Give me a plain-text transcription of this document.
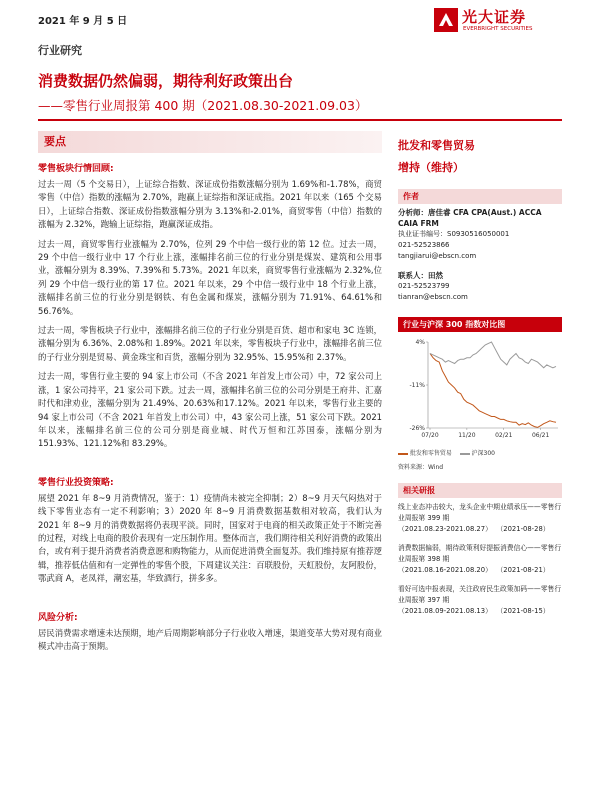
2021 年 9 月 5 日	光大证券
EVERBRIGHT SECURITIES
行业研究
消费数据仍然偏弱，期待利好政策出台
——零售行业周报第 400 期（2021.08.30-2021.09.03）
要点
零售板块行情回顾:

过去一周（5 个交易日），上证综合指数、深证成份指数涨幅分别为 1.69%和-1.78%，商贸零售（中信）指数的涨幅为 2.70%，跑赢上证综指和深证成指。2021 年以来（165 个交易日），上证综合指数、深证成份指数涨幅分别为 3.13%和-2.01%，商贸零售（中信）指数的涨幅为 2.32%，跑输上证综指，跑赢深证成指。

过去一周，商贸零售行业涨幅为 2.70%，位列 29 个中信一级行业的第 12 位。过去一周，29 个中信一级行业中 17 个行业上涨，涨幅排名前三位的行业分别是煤炭、建筑和公用事业，涨幅分别为 8.39%、7.39%和 5.73%。2021 年以来，商贸零售行业涨幅为 2.32%,位列 29 个中信一级行业的第 17 位。2021 年以来，29 个中信一级行业中 18 个行业上涨，涨幅排名前三位的行业分别是钢铁、有色金属和煤炭，涨幅分别为 71.91%、64.61%和 56.76%。

过去一周，零售板块子行业中，涨幅排名前三位的子行业分别是百货、超市和家电 3C 连锁，涨幅分别为 6.36%、2.08%和 1.89%。2021 年以来，零售板块子行业中，涨幅排名前三位的子行业分别是贸易、黄金珠宝和百货，涨幅分别为 32.95%、15.95%和 2.37%。

过去一周，零售行业主要的 94 家上市公司（不含 2021 年首发上市公司）中，72 家公司上涨，1 家公司持平，21 家公司下跌。过去一周，涨幅排名前三位的公司分别是王府井、汇嘉时代和津劝业，涨幅分别为 21.49%、20.63%和17.12%。2021 年以来，零售行业主要的 94 家上市公司（不含 2021 年首发上市公司）中，43 家公司上涨，51 家公司下跌。2021 年以来，涨幅排名前三位的公司分别是商业城、时代万恒和江苏国泰，涨幅分别为 151.93%、121.12%和 83.29%。

零售行业投资策略:

展望 2021 年 8~9 月消费情况，鉴于：1）疫情尚未被完全抑制；2）8~9 月天气闷热对于线下零售业态有一定不利影响；3）2020 年 8~9 月消费数据基数相对较高，我们认为 2021 年 8~9 月的消费数据将仍表现平淡。同时，国家对于电商的相关政策正处于不断完善的过程，对线上电商的股价表现有一定压制作用。整体而言，我们期待相关利好消费的政策出台，或有利于提升消费者消费意愿和购物能力，从而促进消费全面复苏。我们维持原有推荐逻辑，推荐低估值和有一定弹性的零售个股，下周建议关注：百联股份，天虹股份，友阿股份，鄂武商 A，老凤祥，潮宏基，华致酒行，拼多多。

风险分析:

居民消费需求增速未达预期，地产后周期影响部分子行业收入增速，渠道变革大势对现有商业模式冲击高于预期。

批发和零售贸易
增持（维持）
作者
分析师：唐佳睿 CFA CPA(Aust.) ACCA CAIA FRM
执业证书编号：S0930516050001
021-52523866
tangjiarui@ebscn.com
联系人：田然
021-52523799
tianran@ebscn.com
行业与沪深 300 指数对比图
4%
-11%
-26%
07/20	11/20	02/21	06/21
批发和零售贸易	沪深300
资料来源：Wind
相关研报
线上业态冲击较大，龙头企业中期业绩承压——零售行业周报第 399 期
（2021.08.23-2021.08.27） （2021-08-28）
消费数据偏弱，期待政策利好提振消费信心——零售行业周报第 398 期
（2021.08.16-2021.08.20） （2021-08-21）
看好可选中报表现，关注政府民生政策加码——零售行业周报第 397 期
（2021.08.09-2021.08.13） （2021-08-15）
